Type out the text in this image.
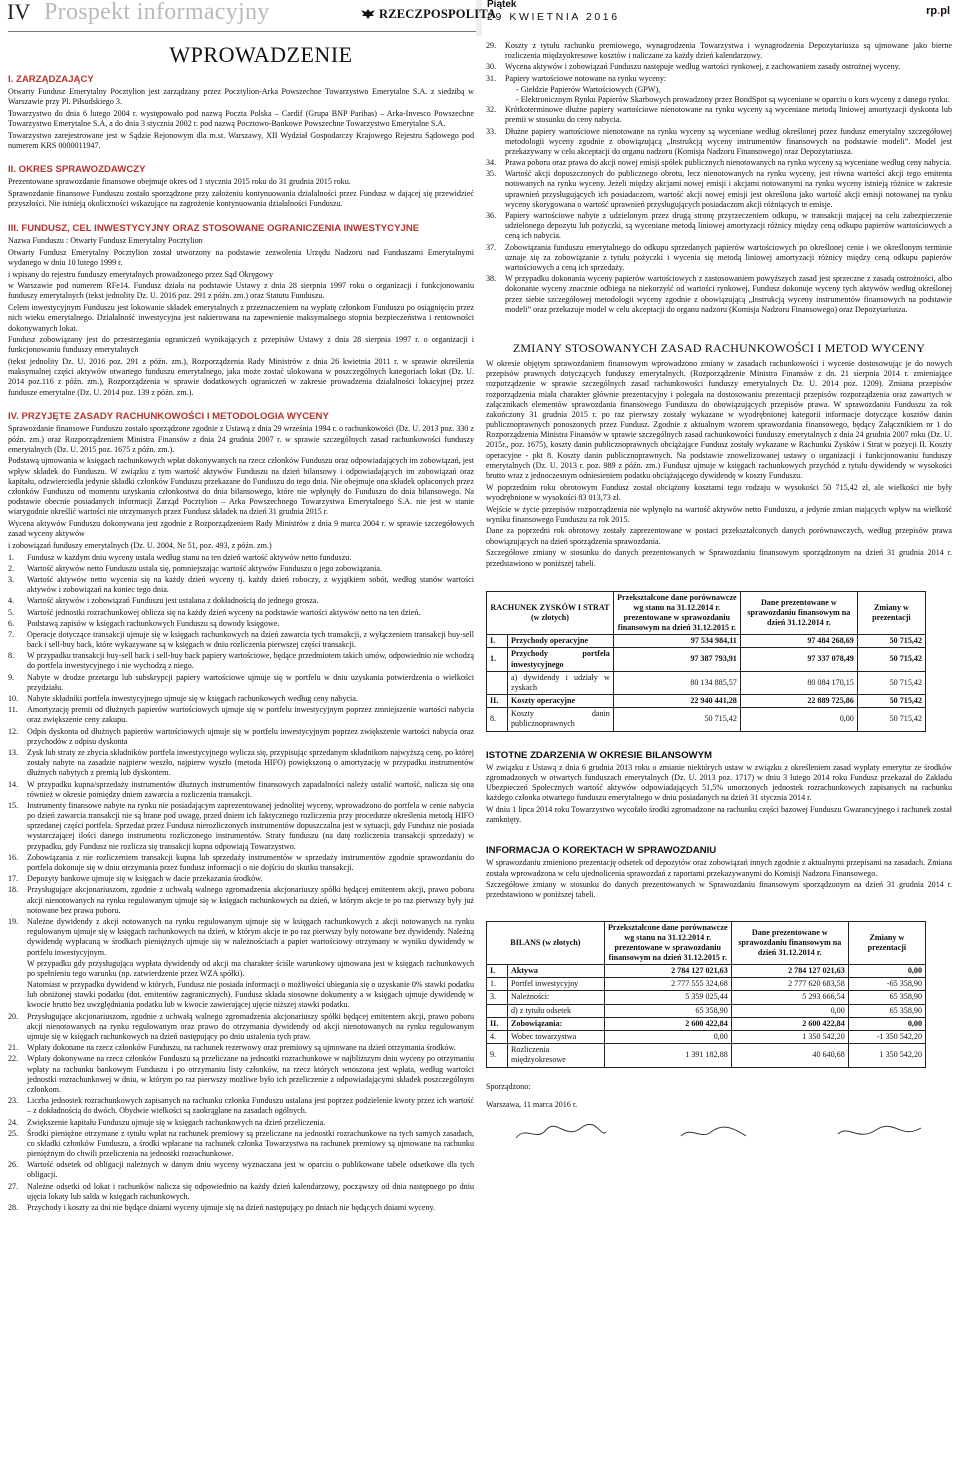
IV Prospekt informacyjny	RZECZPOSPOLITA
Piątek
29 KWIETNIA 2016	rp.pl
WPROWADZENIE
I. ZARZĄDZAJĄCY

Otwarty Fundusz Emerytalny Pocztylion jest zarządzany przez Pocztylion-Arka Powszechne Towarzystwo Emerytalne S.A. z siedzibą w Warszawie przy Pl. Piłsudskiego 3.

Towarzystwo do dnia 6 lutego 2004 r. występowało pod nazwą Poczta Polska – Cardif (Grupa BNP Paribas) – Arka-Invesco Powszechne Towarzystwo Emerytalne S.A, a do dnia 3 stycznia 2002 r. pod nazwą Pocztowo-Bankowe Powszechne Towarzystwo Emerytalne S.A.

Towarzystwo zarejestrowane jest w Sądzie Rejonowym dla m.st. Warszawy, XII Wydział Gospodarczy Krajowego Rejestru Sądowego pod numerem KRS 0000011947.

II. OKRES SPRAWOZDAWCZY

Prezentowane sprawozdanie finansowe obejmuje okres od 1 stycznia 2015 roku do 31 grudnia 2015 roku.

Sprawozdanie finansowe Funduszu zostało sporządzone przy założeniu kontynuowania działalności przez Fundusz w dającej się przewidzieć przyszłości. Nie istnieją okoliczności wskazujące na zagrożenie kontynuowania działalności Funduszu.

III. FUNDUSZ, CEL INWESTYCYJNY ORAZ STOSOWANE OGRANICZENIA INWESTYCYJNE

Nazwa Funduszu : Otwarty Fundusz Emerytalny Pocztylion

Otwarty Fundusz Emerytalny Pocztylion został utworzony na podstawie zezwolenia Urzędu Nadzoru nad Funduszami Emerytalnymi wydanego w dniu 10 lutego 1999 r.

i wpisany do rejestru funduszy emerytalnych prowadzonego przez Sąd Okręgowy

w Warszawie pod numerem RFe14. Fundusz działa na podstawie Ustawy z dnia 28 sierpnia 1997 roku o organizacji i funkcjonowaniu funduszy emerytalnych (tekst jednolity Dz. U. 2016 poz. 291 z późn. zm.) oraz Statutu Funduszu.

Celem inwestycyjnym Funduszu jest lokowanie składek emerytalnych z przeznaczeniem na wypłatę członkom Funduszu po osiągnięciu przez nich wieku emerytalnego. Działalność inwestycyjna jest nakierowana na zapewnienie maksymalnego stopnia bezpieczeństwa i rentowności dokonywanych lokat.

Fundusz zobowiązany jest do przestrzegania ograniczeń wynikających z przepisów Ustawy z dnia 28 sierpnia 1997 r. o organizacji i funkcjonowaniu funduszy emerytalnych

(tekst jednolity Dz. U. 2016 poz. 291 z późn. zm.), Rozporządzenia Rady Ministrów z dnia 26 kwietnia 2011 r. w sprawie określenia maksymalnej części aktywów otwartego funduszu emerytalnego, jaka może zostać ulokowana w poszczególnych kategoriach lokat (Dz. U. 2014 poz.116 z późn. zm.), Rozporządzenia w sprawie dodatkowych ograniczeń w zakresie prowadzenia działalności lokacyjnej przez fundusze emerytalne (Dz. U. 2014 poz. 139 z późn. zm.).

IV. PRZYJĘTE ZASADY RACHUNKOWOŚCI I METODOLOGIA WYCENY

Sprawozdanie finansowe Funduszu zostało sporządzone zgodnie z Ustawą z dnia 29 września 1994 r. o rachunkowości (Dz. U. 2013 poz. 330 z późn. zm.) oraz Rozporządzeniem Ministra Finansów z dnia 24 grudnia 2007 r. w sprawie szczególnych zasad rachunkowości funduszy emerytalnych (Dz. U. 2015 poz. 1675 z późn. zm.).

Podstawą ujmowania w księgach rachunkowych wpłat dokonywanych na rzecz członków Funduszu oraz odpowiadających im zobowiązań, jest wpływ składek do Funduszu. W związku z tym wartość aktywów Funduszu na dzień bilansowy i odpowiadających im zobowiązań oraz kapitału, odzwierciedla jedynie składki członków Funduszu przekazane do Funduszu do tego dnia. Nie obejmuje ona składek opłaconych przez członków Funduszu od momentu uzyskania członkostwa do dnia bilansowego, które nie wpłynęły do Funduszu do dnia bilansowego. Na podstawie obecnie posiadanych informacji Zarząd Pocztylion – Arka Powszechnego Towarzystwa Emerytalnego S.A. nie jest w stanie wiarygodnie określić wartości nie otrzymanych przez Fundusz składek na dzień 31 grudnia 2015 r.

Wycena aktywów Funduszu dokonywana jest zgodnie z Rozporządzeniem Rady Ministrów z dnia 9 marca 2004 r. w sprawie szczegółowych zasad wyceny aktywów

i zobowiązań funduszy emerytalnych (Dz. U. 2004, Nr 51, poz. 493, z późn. zm.)

1. Fundusz w każdym dniu wyceny ustala według stanu na ten dzień wartość aktywów netto funduszu.
2. Wartość aktywów netto Funduszu ustala się, pomniejszając wartość aktywów Funduszu o jego zobowiązania.
3. Wartość aktywów netto wycenia się na każdy dzień wyceny tj. każdy dzień roboczy, z wyjątkiem sobót, według stanów wartości aktywów i zobowiązań na koniec tego dnia.
4. Wartość aktywów i zobowiązań Funduszu jest ustalana z dokładnością do jednego grosza.
5. Wartość jednostki rozrachunkowej oblicza się na każdy dzień wyceny na podstawie wartości aktywów netto na ten dzień.
6. Podstawą zapisów w księgach rachunkowych Funduszu są dowody księgowe.
7. Operacje dotyczące transakcji ujmuje się w księgach rachunkowych na dzień zawarcia tych transakcji, z wyłączeniem transakcji buy-sell back i sell-buy back, które wykazywane są w księgach w dniu rozliczenia pierwszej części transakcji.
8. W przypadku transakcji buy-sell back i sell-buy back papiery wartościowe, będące przedmiotem takich umów, odpowiednio nie wchodzą do portfela inwestycyjnego i nie wychodzą z niego.
9. Nabyte w drodze przetargu lub subskrypcji papiery wartościowe ujmuje się w portfelu w dniu uzyskania potwierdzenia o wielkości przydziału.
10. Nabyte składniki portfela inwestycyjnego ujmuje się w księgach rachunkowych według ceny nabycia.
11. Amortyzację premii od dłużnych papierów wartościowych ujmuje się w portfelu inwestycyjnym poprzez zmniejszenie wartości nabycia oraz zwiększenie ceny zakupu.
12. Odpis dyskonta od dłużnych papierów wartościowych ujmuje się w portfelu inwestycyjnym poprzez zwiększenie wartości nabycia oraz przychodów z odpisu dyskonta
13. Zysk lub straty ze zbycia składników portfela inwestycyjnego wylicza się, przypisując sprzedanym składnikom najwyższą cenę, po której zostały nabyte na zasadzie najpierw weszło, najpierw wyszło (metoda HIFO) powiększoną o amortyzację w przypadku instrumentów dłużnych nabytych z premią lub dyskontem.
14. W przypadku kupna/sprzedaży instrumentów dłużnych instrumentów finansowych zapadalności należy ustalić wartość, nalicza się ona również w okresie pomiędzy dniem zawarcia a rozliczenia transakcji.
15. Instrumenty finansowe nabyte na rynku nie posiadającym zaprezentowanej jednolitej wyceny, wprowadzono do portfela w cenie nabycia po dzień zawarcia transakcji nie są brane pod uwagę, przed dniem ich faktycznego rozliczenia przy procedurze określenia metodą HIFO sprzedanej części portfela. Sprzedaż przez Fundusz nierozliczonych instrumentów dopuszczalna jest w sytuacji, gdy Fundusz nie posiada wystarczającej ilości danego instrumentu rozliczonego instrumentów. Straty funduszu (na datę rozliczenia transakcji sprzedaży) w przypadku, gdy Fundusz nie rozlicza się transakcji kupna odpowiają Towarzystwo.
16. Zobowiązania z nie rozliczeniem transakcji kupna lub sprzedaży instrumentów w sprzedaży instrumentów zgodnie sprawozdaniu do portfela dokonuje się w dniu otrzymania przez fundusz informacji o nie dojściu do skutku transakcji.
17. Depozyty bankowe ujmuje się w księgach w dacie przekazania środków.
18. Przysługujące akcjonariuszom, zgodnie z uchwałą walnego zgromadzenia akcjonariuszy spółki będącej emitentem akcji, prawo poboru akcji nienotowanych na rynku regulowanym ujmuje się w księgach rachunkowych na dzień, w którym akcje te po raz pierwszy były już notowane bez prawa poboru.
19. Należne dywidendy z akcji notowanych na rynku regulowanym ujmuje się w księgach rachunkowych z akcji notowanych na rynku regulowanym ujmuje się w księgach rachunkowych na dzień, w którym akcje te po raz pierwszy były notowane bez dywidendy. Należną dywidendę wypłacaną w środkach pieniężnych ujmuje się w należnościach a papier wartościowy otrzymany w wyniku dywidendy w portfelu inwestycyjnym.
W przypadku gdy przysługująca wypłata dywidendy od akcji ma charakter ściśle warunkowy ujmowana jest w księgach rachunkowych po spełnieniu tego warunku (np. zatwierdzenie przez WZA spółki).
Natomiast w przypadku dywidend w których, Fundusz nie posiada informacji o możliwości ubiegania się o uzyskanie 0% stawki podatku lub obniżonej stawki podatku (dot. emitentów zagranicznych). Fundusz składa stosowne dokumenty a w księgach ujmuje dywidendę w kwocie brutto bez uwzględniania podatku lub w kwocie zawierającej ujęcie niższej stawki podatku.
20. Przysługujące akcjonariuszom, zgodnie z uchwałą walnego zgromadzenia akcjonariuszy spółki będącej emitentem akcji, prawo poboru akcji nienotowanych na rynku regulowanym oraz prawo do otrzymania dywidendy od akcji nienotowanych na rynku regulowanym ujmuje się w księgach rachunkowych na dzień następujący po dniu ustalenia tych praw.
21. Wpłaty dokonane na rzecz członków Funduszu, na rachunek rezerwowy oraz premiowy są ujmowane na dzień otrzymania środków.
22. Wpłaty dokonywane na rzecz członków Funduszu są przeliczane na jednostki rozrachunkowe w najbliższym dniu wyceny po otrzymaniu wpłaty na rachunku bankowym Funduszu i po otrzymaniu listy członków, na rzecz których wnoszona jest wpłata, według wartości jednostki rozrachunkowej w dniu, w którym po raz pierwszy możliwe było ich przeliczenie z odpowiadającymi składek poszczególnym członkom.
23. Liczba jednostek rozrachunkowych zapisanych na rachunku członka Funduszu ustalana jest poprzez podzielenie kwoty przez ich wartość – z dokładnością do dwóch. Obydwie wielkości są zaokrąglane na zasadach ogólnych.
24. Zwiększenie kapitału Funduszu ujmuje się w księgach rachunkowych na dzień przeliczenia.
25. Środki pieniężne otrzymane z tytułu wpłat na rachunek premiowy są przeliczane na jednostki rozrachunkowe na tych samych zasadach, co składki członków Funduszu, a środki wpłacane na rachunek członka Towarzystwa na rachunek premiowy są ujmowane na rachunku pieniężnym do chwili przeliczenia na jednostki rozrachunkowe.
26. Wartość odsetek od obligacji należnych w danym dniu wyceny wyznaczana jest w oparciu o publikowane tabele odsetkowe dla tych obligacji.
27. Należne odsetki od lokat i rachunków nalicza się odpowiednio na każdy dzień kalendarzowy, począwszy od dnia następnego po dniu ujęcia lokaty lub salda w księgach rachunkowych.
28. Przychody i koszty za dni nie będące dniami wyceny ujmuje się na dzień następujący po dniach nie będących dniami wyceny.
29. Koszty z tytułu rachunku premiowego, wynagrodzenia Towarzystwa i wynagrodzenia Depozytariusza są ujmowane jako bierne rozliczenia międzyokresowe kosztów i naliczane za każdy dzień kalendarzowy.
30. Wycena aktywów i zobowiązań Funduszu następuje według wartości rynkowej, z zachowaniem zasady ostrożnej wyceny.
31. Papiery wartościowe notowane na rynku wyceny:

- Giełdzie Papierów Wartościowych (GPW),

- Elektronicznym Rynku Papierów Skarbowych prowadzony przez BondSpot są wyceniane w oparciu o kurs wyceny z danego rynku.

32. Krótkoterminowe dłużne papiery wartościowe nienotowane na rynku wyceny są wyceniane metodą liniowej amortyzacji dyskonta lub premii w stosunku do ceny nabycia.
33. Dłużne papiery wartościowe nienotowane na rynku wyceny są wyceniane według określonej przez fundusz emerytalny szczegółowej metodologii wyceny zgodnie z obowiązującą „Instrukcją wyceny instrumentów finansowych na podstawie modeli”. Model jest przekazywany w celu akceptacji do organu nadzoru (Komisja Nadzoru Finansowego) oraz Depozytariusza.
34. Prawa poboru oraz prawa do akcji nowej emisji spółek publicznych nienotowanych na rynku wyceny są wyceniane według ceny nabycia.
35. Wartość akcji dopuszczonych do publicznego obrotu, lecz nienotowanych na rynku wyceny, jest równa wartości akcji tego emitenta notowanych na rynku wyceny. Jeżeli między akcjami nowej emisji i akcjami notowanymi na rynku wyceny istnieją różnice w zakresie uprawnień przysługujących ich posiadaczom, wartość akcji nowej emisji jest określona jako wartość akcji emisji notowanej na rynku wyceny skorygowana o wartość uprawnień przysługujących posiadaczom akcji różniących te emisje.
36. Papiery wartościowe nabyte z udzielonym przez drugą stronę przyrzeczeniem odkupu, w transakcji mającej na celu zabezpieczenie udzielonego depozytu lub pożyczki, są wyceniane metodą liniowej amortyzacji różnicy między ceną odkupu papierów wartościowych a ceną ich nabycia.
37. Zobowiązania funduszu emerytalnego do odkupu sprzedanych papierów wartościowych po określonej cenie i we określonym terminie uznaje się za zobowiązanie z tytułu pożyczki i wycenia się metodą liniowej amortyzacji różnicy między ceną odkupu papierów wartościowych a ceną ich sprzedaży.
38. W przypadku dokonania wyceny papierów wartościowych z zastosowaniem powyższych zasad jest sprzeczne z zasadą ostrożności, albo dokonanie wyceny znacznie odbiega na niekorzyść od wartości rynkowej, Fundusz dokonuje wyceny tych aktywów według określonej przez siebie szczegółowej metodologii wyceny zgodnie z obowiązującą „Instrukcją wyceny instrumentów finansowych na podstawie modeli” oraz przekazuje model w celu akceptacji do organu nadzoru (Komisja Nadzoru Finansowego) oraz Depozytariusza.
ZMIANY STOSOWANYCH ZASAD RACHUNKOWOŚCI I METOD WYCENY

W okresie objętym sprawozdaniem finansowym wprowadzono zmiany w zasadach rachunkowości i wycenie dostosowując je do nowych przepisów prawnych dotyczących funduszy emerytalnych. (Rozporządzenie Ministra Finansów z dn. 21 sierpnia 2014 r. zmieniające rozporządzenie w sprawie szczególnych zasad rachunkowości funduszy emerytalnych Dz. U. 2014 poz. 1209). Zmiana przepisów rozporządzenia miała charakter głównie prezentacyjny i polegała na dostosowaniu prezentacji przepisów rozporządzenia oraz zawartych w załącznikach elementów sprawozdania finansowego Funduszu do obowiązujących przepisów prawa. W sprawozdaniu Funduszu za rok zakończony 31 grudnia 2015 r. po raz pierwszy zostały wykazane w wyodrębnionej kategorii informacje dotyczące kosztów danin publicznoprawnych ponoszonych przez Fundusz. Zgodnie z aktualnym wzorem sprawozdania finansowego, będący Załącznikiem nr 1 do Rozporządzenia Ministra Finansów w sprawie szczególnych zasad rachunkowości funduszy emerytalnych z dnia 24 grudnia 2007 roku (Dz. U. 2015r., poz. 1675), koszty danin publicznoprawnych obciążające Fundusz zostały wykazane w Rachunku Zysków i Strat w pozycji II. Koszty operacyjne - pkt 8. Koszty danin publicznoprawnych. Na podstawie znowelizowanej ustawy o organizacji i funkcjonowaniu funduszy emerytalnych (Dz. U. 2013 r. poz. 989 z późn. zm.) Fundusz ujmuje w księgach rachunkowych przychód z tytułu dywidendy w wysokości brutto wraz z jednoczesnym odniesieniem podatku obciążającego dywidendę w koszty Funduszu.

W poprzednim roku obrotowym Fundusz został obciążony kosztami tego rodzaju w wysokości 50 715,42 zł, ale wielkości nie były wyodrębnione w wysokości 83 013,73 zł.

Wejście w życie przepisów rozporządzenia nie wpłynęło na wartość aktywów netto Funduszu, a jedynie zmian mających wpływ na wielkość wyniku finansowego Funduszu za rok 2015.

Dane za poprzedni rok obrotowy zostały zaprezentowane w postaci przekształconych danych porównawczych, według przepisów prawa obowiązujących na dzień sporządzenia sprawozdania.

Szczegółowe zmiany w stosunku do danych prezentowanych w Sprawozdaniu finansowym sporządzonym na dzień 31 grudnia 2014 r. przedstawiono w poniższej tabeli.

RACHUNEK ZYSKÓW I STRAT (w złotych)		Przekształcone dane porównawcze wg stanu na 31.12.2014 r. prezentowane w sprawozdaniu finansowym na dzień 31.12.2015 r.	Dane prezentowane w sprawozdaniu finansowym na dzień 31.12.2014 r.	Zmiany w prezentacji
I.	Przychody operacyjne	97 534 984,11	97 484 268,69	50 715,42
1.	Przychody portfela inwestycyjnego	97 387 793,91	97 337 078,49	50 715,42
	a) dywidendy i udziały w zyskach	80 134 885,57	80 084 170,15	50 715,42
II.	Koszty operacyjne	22 940 441,28	22 889 725,86	50 715,42
8.	Koszty danin publicznoprawnych	50 715,42	0,00	50 715,42
ISTOTNE ZDARZENIA W OKRESIE BILANSOWYM

W związku z Ustawą z dnia 6 grudnia 2013 roku o zmianie niektórych ustaw w związku z określeniem zasad wypłaty emerytur ze środków zgromadzonych w otwartych funduszach emerytalnych (Dz. U. 2013 poz. 1717) w dniu 3 lutego 2014 roku Fundusz przekazał do Zakładu Ubezpieczeń Społecznych wartość aktywów odpowiadających 51,5% umorzonych jednostek rozrachunkowych zapisanych na rachunku każdego członka otwartego funduszu emerytalnego w dniu posiadanych na dzień 31 stycznia 2014 r.

W dniu 1 lipca 2014 roku Towarzystwo wycofało środki zgromadzone na rachunku części bazowej Funduszu Gwarancyjnego i rachunek został zamknięty.

INFORMACJA O KOREKTACH W SPRAWOZDANIU

W sprawozdaniu zmieniono prezentację odsetek od depozytów oraz zobowiązań innych zgodnie z aktualnymi przepisami na zasadach. Zmiana została wprowadzona w celu ujednolicenia sprawozdań z raportami przekazywanymi do Komisji Nadzoru Finansowego.

Szczegółowe zmiany w stosunku do danych prezentowanych w Sprawozdaniu finansowym sporządzonym na dzień 31 grudnia 2014 r. przedstawiono w poniższej tabeli.

BILANS (w złotych)		Przekształcone dane porównawcze wg stanu na 31.12.2014 r. prezentowane w sprawozdaniu finansowym na dzień 31.12.2015 r.	Dane prezentowane w sprawozdaniu finansowym na dzień 31.12.2014 r.	Zmiany w prezentacji
I.	Aktywa	2 784 127 021,63	2 784 127 021,63	0,00
1.	Portfel inwestycyjny	2 777 555 324,68	2 777 620 683,58	-65 358,90
3.	Należności:	5 359 025,44	5 293 666,54	65 358,90
	d) z tytułu odsetek	65 358,90	0,00	65 358,90
II.	Zobowiązania:	2 600 422,84	2 600 422,84	0,00
4.	Wobec towarzystwa	0,00	1 350 542,20	-1 350 542,20
9.	Rozliczenia międzyokresowe	1 391 182,88	40 640,68	1 350 542,20

Sporządzono:

Warszawa, 11 marca 2016 r.
